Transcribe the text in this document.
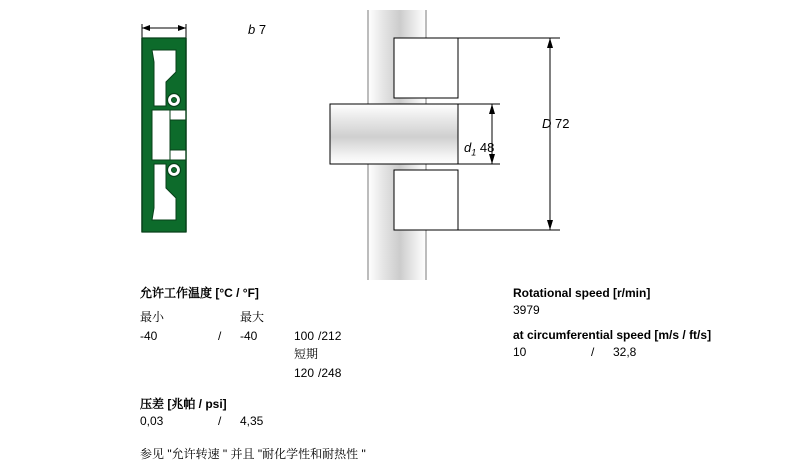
b 7
D 72
$d_1$ 48
允许工作温度 [°C / °F]
最小		最大			
-40	/	-40	100	/	212
			短期		
			120	/	248
压差 [兆帕 / psi]
0,03	/	4,35
参见 "允许转速 " 并且 "耐化学性和耐热性 "
Rotational speed [r/min]
3979
at circumferential speed [m/s / ft/s]
10	/	32,8
